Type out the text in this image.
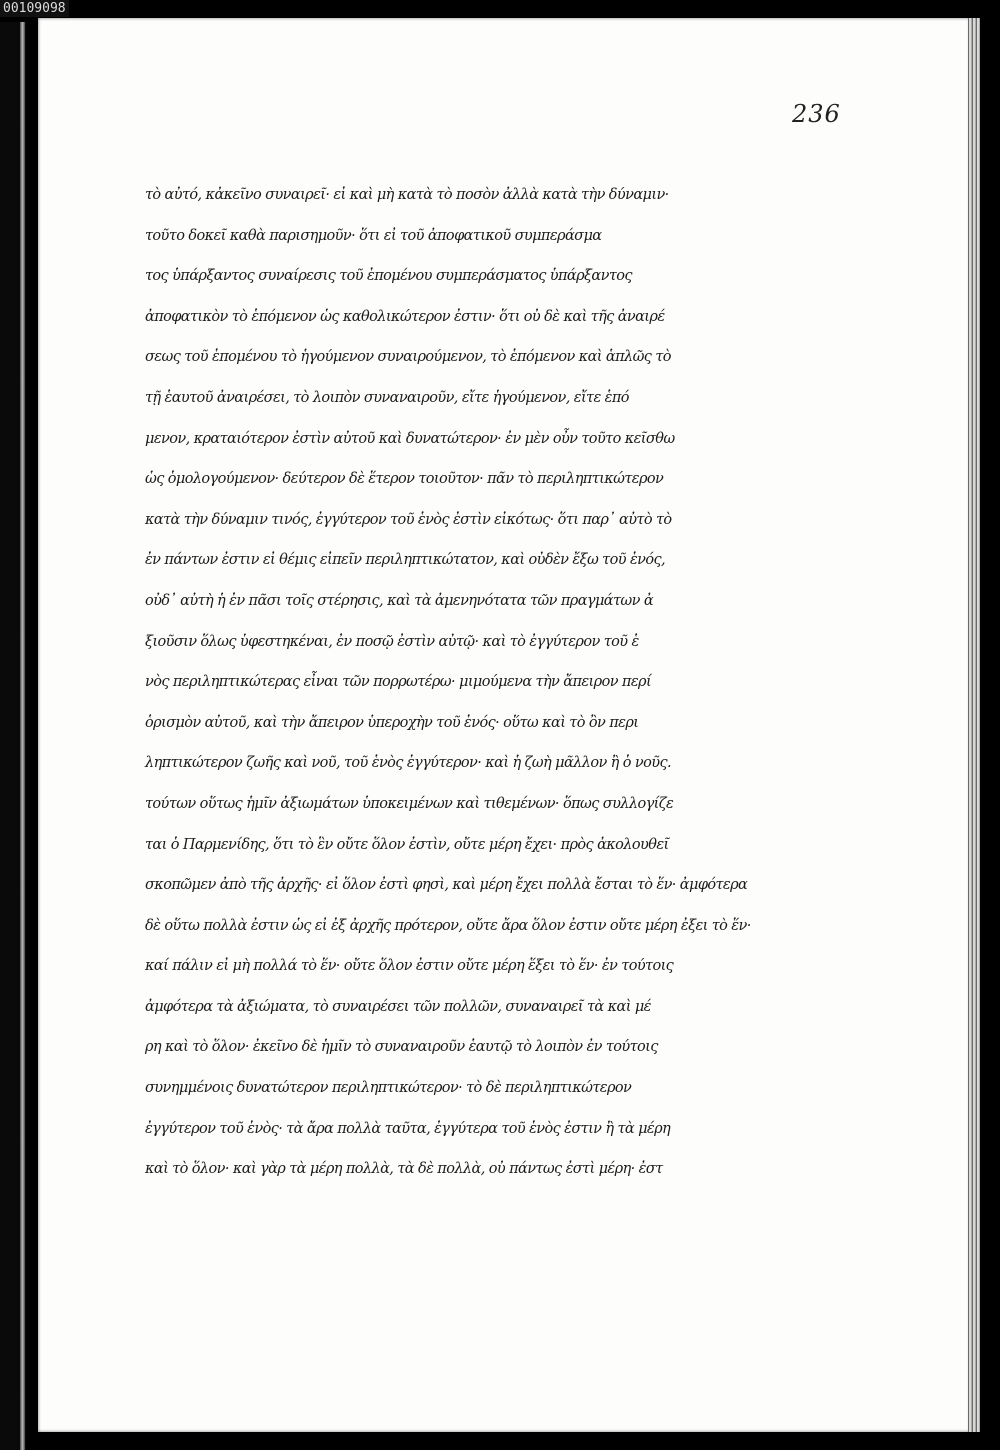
00109098
236
τὸ αὐτό, κἀκεῖνο συναιρεῖ· εἰ καὶ μὴ κατὰ τὸ ποσὸν ἀλλὰ κατὰ τὴν δύναμιν·
τοῦτο δοκεῖ καθὰ παρισημοῦν· ὅτι εἰ τοῦ ἀποφατικοῦ συμπεράσμα
τος ὑπάρξαντος συναίρεσις τοῦ ἑπομένου συμπεράσματος ὑπάρξαντος
ἀποφατικὸν τὸ ἑπόμενον ὡς καθολικώτερον ἐστιν· ὅτι οὐ δὲ καὶ τῆς ἀναιρέ
σεως τοῦ ἑπομένου τὸ ἡγούμενον συναιρούμενον, τὸ ἑπόμενον καὶ ἁπλῶς τὸ
τῇ ἑαυτοῦ ἀναιρέσει, τὸ λοιπὸν συναναιροῦν, εἴτε ἡγούμενον, εἴτε ἑπό
μενον, κραταιότερον ἐστὶν αὐτοῦ καὶ δυνατώτερον· ἐν μὲν οὖν τοῦτο κεῖσθω
ὡς ὁμολογούμενον· δεύτερον δὲ ἕτερον τοιοῦτον· πᾶν τὸ περιληπτικώτερον
κατὰ τὴν δύναμιν τινός, ἐγγύτερον τοῦ ἑνὸς ἐστὶν εἰκότως· ὅτι παρ᾽ αὐτὸ τὸ
ἐν πάντων ἐστιν εἰ θέμις εἰπεῖν περιληπτικώτατον, καὶ οὐδὲν ἔξω τοῦ ἑνός,
οὐδ᾽ αὐτὴ ἡ ἐν πᾶσι τοῖς στέρησις, καὶ τὰ ἀμενηνότατα τῶν πραγμάτων ἀ
ξιοῦσιν ὅλως ὑφεστηκέναι, ἐν ποσῷ ἐστὶν αὐτῷ· καὶ τὸ ἐγγύτερον τοῦ ἑ
νὸς περιληπτικώτερας εἶναι τῶν πορρωτέρω· μιμούμενα τὴν ἄπειρον περί
ὁρισμὸν αὐτοῦ, καὶ τὴν ἄπειρον ὑπεροχὴν τοῦ ἑνός· οὕτω καὶ τὸ ὂν περι
ληπτικώτερον ζωῆς καὶ νοῦ, τοῦ ἑνὸς ἐγγύτερον· καὶ ἡ ζωὴ μᾶλλον ἢ ὁ νοῦς.
τούτων οὕτως ἡμῖν ἀξιωμάτων ὑποκειμένων καὶ τιθεμένων· ὅπως συλλογίζε
ται ὁ Παρμενίδης, ὅτι τὸ ἓν οὔτε ὅλον ἐστὶν, οὔτε μέρη ἔχει· πρὸς ἀκολουθεῖ
σκοπῶμεν ἀπὸ τῆς ἀρχῆς· εἰ ὅλον ἐστὶ φησὶ, καὶ μέρη ἔχει πολλὰ ἔσται τὸ ἕν· ἀμφότερα
δὲ οὕτω πολλὰ ἐστιν ὡς εἰ ἐξ ἀρχῆς πρότερον, οὔτε ἄρα ὅλον ἐστιν οὔτε μέρη ἐξει τὸ ἕν·
καί πάλιν εἰ μὴ πολλά τὸ ἕν· οὔτε ὅλον ἐστιν οὔτε μέρη ἕξει τὸ ἕν· ἐν τούτοις
ἀμφότερα τὰ ἀξιώματα, τὸ συναιρέσει τῶν πολλῶν, συναναιρεῖ τὰ καὶ μέ
ρη καὶ τὸ ὅλον· ἐκεῖνο δὲ ἡμῖν τὸ συναναιροῦν ἑαυτῷ τὸ λοιπὸν ἐν τούτοις
συνημμένοις δυνατώτερον περιληπτικώτερον· τὸ δὲ περιληπτικώτερον
ἐγγύτερον τοῦ ἑνὸς· τὰ ἄρα πολλὰ ταῦτα, ἐγγύτερα τοῦ ἑνὸς ἐστιν ἢ τὰ μέρη
καὶ τὸ ὅλον· καὶ γὰρ τὰ μέρη πολλὰ, τὰ δὲ πολλὰ, οὐ πάντως ἐστὶ μέρη· ἐστ
